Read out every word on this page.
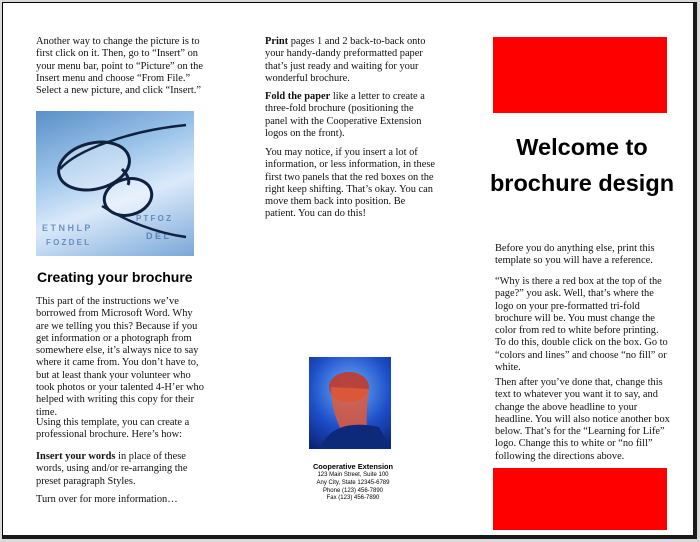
Another way to change the picture is to first click on it. Then, go to “Insert” on your menu bar, point to “Picture” on the Insert menu and choose “From File.” Select a new picture, and click “Insert.”

E T N H L P
F O Z D E L
P T F O Z
D E L
Creating your brochure

This part of the instructions we’ve borrowed from Microsoft Word. Why are we telling you this? Because if you get information or a photograph from somewhere else, it’s always nice to say where it came from. You don’t have to, but at least thank your volunteer who took photos or your talented 4-H’er who helped with writing this copy for their time.

Using this template, you can create a professional brochure. Here’s how:

Insert your words in place of these words, using and/or re-arranging the preset paragraph Styles.

Turn over for more information…

Print pages 1 and 2 back-to-back onto your handy-dandy preformatted paper that’s just ready and waiting for your wonderful brochure.

Fold the paper like a letter to create a three-fold brochure (positioning the panel with the Cooperative Extension logos on the front).

You may notice, if you insert a lot of information, or less information, in these first two panels that the red boxes on the right keep shifting. That’s okay. You can move them back into position. Be patient. You can do this!

Cooperative Extension
123 Main Street, Suite 100
Any City, State 12345-6789
Phone (123) 456-7890
Fax (123) 456-7890
Welcome to brochure design

Before you do anything else, print this template so you will have a reference.

“Why is there a red box at the top of the page?” you ask. Well, that’s where the logo on your pre-formatted tri-fold brochure will be. You must change the color from red to white before printing. To do this, double click on the box. Go to “colors and lines” and choose “no fill” or white.

Then after you’ve done that, change this text to whatever you want it to say, and change the above headline to your headline. You will also notice another box below. That’s for the “Learning for Life” logo. Change this to white or “no fill” following the directions above.
